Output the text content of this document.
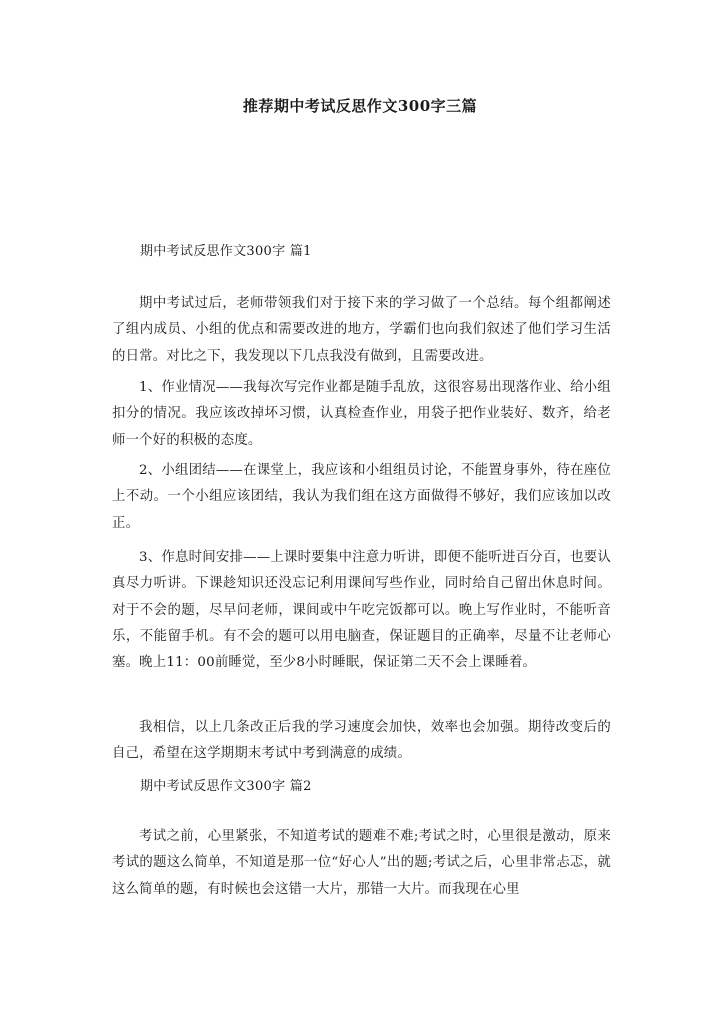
推荐期中考试反思作文300字三篇
期中考试反思作文300字 篇1

期中考试过后，老师带领我们对于接下来的学习做了一个总结。每个组都阐述了组内成员、小组的优点和需要改进的地方，学霸们也向我们叙述了他们学习生活的日常。对比之下，我发现以下几点我没有做到，且需要改进。

1、作业情况——我每次写完作业都是随手乱放，这很容易出现落作业、给小组扣分的情况。我应该改掉坏习惯，认真检查作业，用袋子把作业装好、数齐，给老师一个好的积极的态度。

2、小组团结——在课堂上，我应该和小组组员讨论，不能置身事外，待在座位上不动。一个小组应该团结，我认为我们组在这方面做得不够好，我们应该加以改正。

3、作息时间安排——上课时要集中注意力听讲，即便不能听进百分百，也要认真尽力听讲。下课趁知识还没忘记利用课间写些作业，同时给自己留出休息时间。对于不会的题，尽早问老师，课间或中午吃完饭都可以。晚上写作业时，不能听音乐，不能留手机。有不会的题可以用电脑查，保证题目的正确率，尽量不让老师心塞。晚上11：00前睡觉，至少8小时睡眠，保证第二天不会上课睡着。

我相信，以上几条改正后我的学习速度会加快，效率也会加强。期待改变后的自己，希望在这学期期末考试中考到满意的成绩。

期中考试反思作文300字 篇2

考试之前，心里紧张，不知道考试的题难不难;考试之时，心里很是激动，原来考试的题这么简单，不知道是那一位“好心人”出的题;考试之后，心里非常忐忑，就这么简单的题，有时候也会这错一大片，那错一大片。而我现在心里
